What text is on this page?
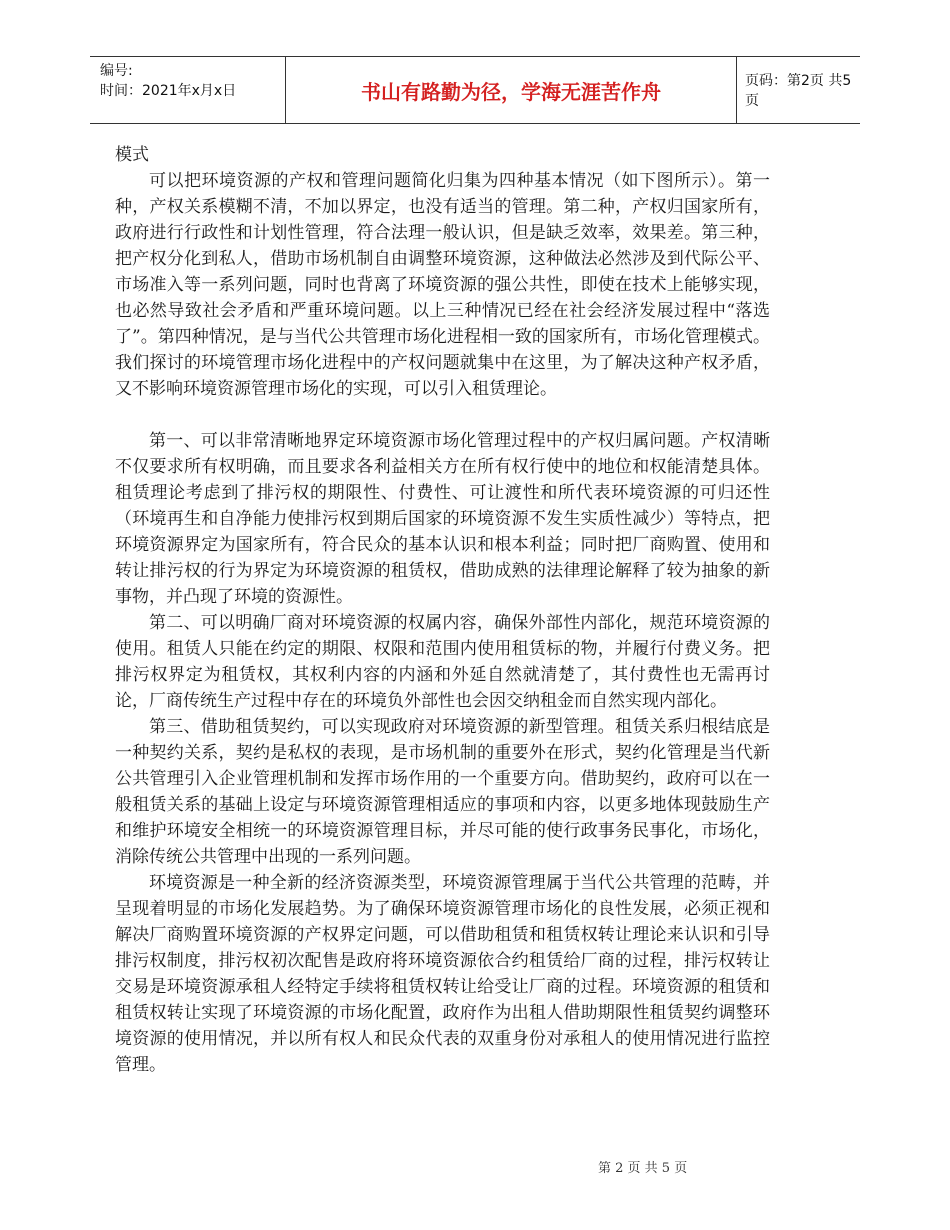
编号:
时间：2021年x月x日	书山有路勤为径，学海无涯苦作舟	页码：第2页 共5页

模式

可以把环境资源的产权和管理问题简化归集为四种基本情况（如下图所示）。第一种，产权关系模糊不清，不加以界定，也没有适当的管理。第二种，产权归国家所有，政府进行行政性和计划性管理，符合法理一般认识，但是缺乏效率，效果差。第三种，把产权分化到私人，借助市场机制自由调整环境资源，这种做法必然涉及到代际公平、市场准入等一系列问题，同时也背离了环境资源的强公共性，即使在技术上能够实现，也必然导致社会矛盾和严重环境问题。以上三种情况已经在社会经济发展过程中“落选了”。第四种情况，是与当代公共管理市场化进程相一致的国家所有，市场化管理模式。我们探讨的环境管理市场化进程中的产权问题就集中在这里，为了解决这种产权矛盾，又不影响环境资源管理市场化的实现，可以引入租赁理论。

第一、可以非常清晰地界定环境资源市场化管理过程中的产权归属问题。产权清晰不仅要求所有权明确，而且要求各利益相关方在所有权行使中的地位和权能清楚具体。租赁理论考虑到了排污权的期限性、付费性、可让渡性和所代表环境资源的可归还性（环境再生和自净能力使排污权到期后国家的环境资源不发生实质性减少）等特点，把环境资源界定为国家所有，符合民众的基本认识和根本利益；同时把厂商购置、使用和转让排污权的行为界定为环境资源的租赁权，借助成熟的法律理论解释了较为抽象的新事物，并凸现了环境的资源性。

第二、可以明确厂商对环境资源的权属内容，确保外部性内部化，规范环境资源的使用。租赁人只能在约定的期限、权限和范围内使用租赁标的物，并履行付费义务。把排污权界定为租赁权，其权利内容的内涵和外延自然就清楚了，其付费性也无需再讨论，厂商传统生产过程中存在的环境负外部性也会因交纳租金而自然实现内部化。

第三、借助租赁契约，可以实现政府对环境资源的新型管理。租赁关系归根结底是一种契约关系，契约是私权的表现，是市场机制的重要外在形式，契约化管理是当代新公共管理引入企业管理机制和发挥市场作用的一个重要方向。借助契约，政府可以在一般租赁关系的基础上设定与环境资源管理相适应的事项和内容，以更多地体现鼓励生产和维护环境安全相统一的环境资源管理目标，并尽可能的使行政事务民事化，市场化，消除传统公共管理中出现的一系列问题。

环境资源是一种全新的经济资源类型，环境资源管理属于当代公共管理的范畴，并呈现着明显的市场化发展趋势。为了确保环境资源管理市场化的良性发展，必须正视和解决厂商购置环境资源的产权界定问题，可以借助租赁和租赁权转让理论来认识和引导排污权制度，排污权初次配售是政府将环境资源依合约租赁给厂商的过程，排污权转让交易是环境资源承租人经特定手续将租赁权转让给受让厂商的过程。环境资源的租赁和租赁权转让实现了环境资源的市场化配置，政府作为出租人借助期限性租赁契约调整环境资源的使用情况，并以所有权人和民众代表的双重身份对承租人的使用情况进行监控管理。

第 2 页 共 5 页
